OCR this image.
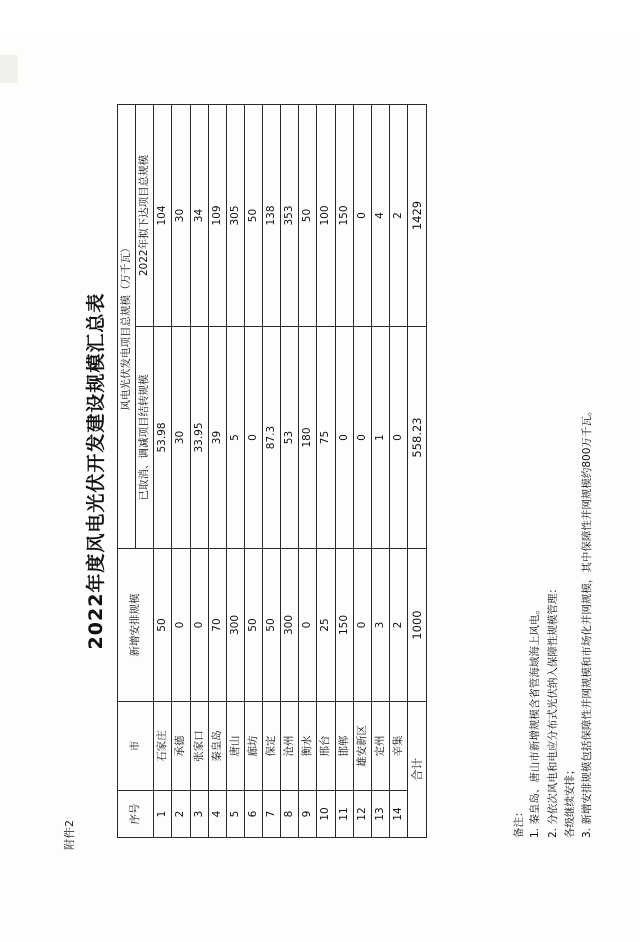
附件2
2022年度风电光伏开发建设规模汇总表
序号	市	新增安排规模	风电光伏发电项目总规模（万千瓦）	
			已取消、调减项目结转规模	2022年拟下达项目总规模
1	石家庄	50	53.98	104
2	承德	0	30	30
3	张家口	0	33.95	34
4	秦皇岛	70	39	109
5	唐山	300	5	305
6	廊坊	50	0	50
7	保定	50	87.3	138
8	沧州	300	53	353
9	衡水	0	180	50
10	邢台	25	75	100
11	邯郸	150	0	150
12	雄安新区	0	0	0
13	定州	3	1	4
14	辛集	2	0	2
合计		1000	558.23	1429
备注： 1. 秦皇岛、唐山市新增规模含省管海域海上风电。 2. 分依次风电和电应分布式光伏纳入保障性规模管理： 各级继续安排； 3. 新增安排规模包括保障性并网规模和市场化并网规模，其中保障性并网规模约800万千瓦。
